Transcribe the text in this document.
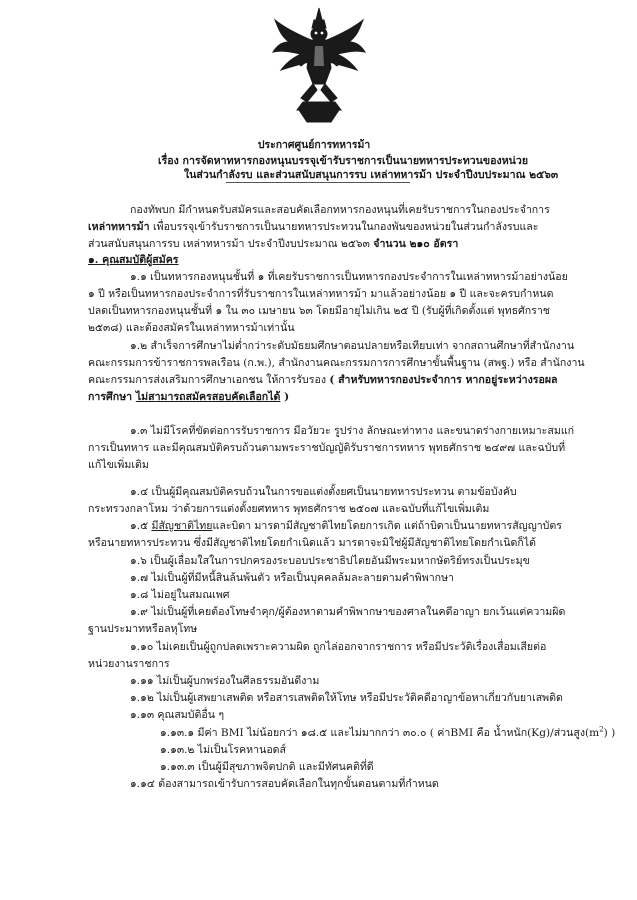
ประกาศศูนย์การทหารม้า
เรื่อง การจัดหาทหารกองหนุนบรรจุเข้ารับราชการเป็นนายทหารประทวนของหน่วย
ในส่วนกำลังรบ และส่วนสนับสนุนการรบ เหล่าทหารม้า ประจำปีงบประมาณ ๒๕๖๓
กองทัพบก มีกำหนดรับสมัครและสอบคัดเลือกทหารกองหนุนที่เคยรับราชการในกองประจำการ
เหล่าทหารม้า เพื่อบรรจุเข้ารับราชการเป็นนายทหารประทวนในกองพันของหน่วยในส่วนกำลังรบและ
ส่วนสนับสนุนการรบ เหล่าทหารม้า ประจำปีงบประมาณ ๒๕๖๓ จำนวน ๒๑๐ อัตรา
๑. คุณสมบัติผู้สมัคร
๑.๑ เป็นทหารกองหนุนชั้นที่ ๑ ที่เคยรับราชการเป็นทหารกองประจำการในเหล่าทหารม้าอย่างน้อย
๑ ปี หรือเป็นทหารกองประจำการที่รับราชการในเหล่าทหารม้า มาแล้วอย่างน้อย ๑ ปี และจะครบกำหนด
ปลดเป็นทหารกองหนุนชั้นที่ ๑ ใน ๓๐ เมษายน ๖๓ โดยมีอายุไม่เกิน ๒๕ ปี (รับผู้ที่เกิดตั้งแต่ พุทธศักราช
๒๕๓๘) และต้องสมัครในเหล่าทหารม้าเท่านั้น
๑.๒ สำเร็จการศึกษาไม่ต่ำกว่าระดับมัธยมศึกษาตอนปลายหรือเทียบเท่า จากสถานศึกษาที่สำนักงาน
คณะกรรมการข้าราชการพลเรือน (ก.พ.), สำนักงานคณะกรรมการการศึกษาขั้นพื้นฐาน (สพฐ.) หรือ สำนักงาน
คณะกรรมการส่งเสริมการศึกษาเอกชน ให้การรับรอง ( สำหรับทหารกองประจำการ หากอยู่ระหว่างรอผล
การศึกษา ไม่สามารถสมัครสอบคัดเลือกได้ )
๑.๓ ไม่มีโรคที่ขัดต่อการรับราชการ มีอวัยวะ รูปร่าง ลักษณะท่าทาง และขนาดร่างกายเหมาะสมแก่
การเป็นทหาร และมีคุณสมบัติครบถ้วนตามพระราชบัญญัติรับราชการทหาร พุทธศักราช ๒๔๙๗ และฉบับที่
แก้ไขเพิ่มเติม
๑.๔ เป็นผู้มีคุณสมบัติครบถ้วนในการขอแต่งตั้งยศเป็นนายทหารประทวน ตามข้อบังคับ
กระทรวงกลาโหม ว่าด้วยการแต่งตั้งยศทหาร พุทธศักราช ๒๕๐๗ และฉบับที่แก้ไขเพิ่มเติม
๑.๕ มีสัญชาติไทยและบิดา มารดามีสัญชาติไทยโดยการเกิด แต่ถ้าบิดาเป็นนายทหารสัญญาบัตร
หรือนายทหารประทวน ซึ่งมีสัญชาติไทยโดยกำเนิดแล้ว มารดาจะมิใช่ผู้มีสัญชาติไทยโดยกำเนิดก็ได้
๑.๖ เป็นผู้เลื่อมใสในการปกครองระบอบประชาธิปไตยอันมีพระมหากษัตริย์ทรงเป็นประมุข
๑.๗ ไม่เป็นผู้ที่มีหนี้สินล้นพ้นตัว หรือเป็นบุคคลล้มละลายตามคำพิพากษา
๑.๘ ไม่อยู่ในสมณเพศ
๑.๙ ไม่เป็นผู้ที่เคยต้องโทษจำคุก/ผู้ต้องหาตามคำพิพากษาของศาลในคดีอาญา ยกเว้นแต่ความผิด
ฐานประมาทหรือลหุโทษ
๑.๑๐ ไม่เคยเป็นผู้ถูกปลดเพราะความผิด ถูกไล่ออกจากราชการ หรือมีประวัติเรื่องเสื่อมเสียต่อ
หน่วยงานราชการ
๑.๑๑ ไม่เป็นผู้บกพร่องในศีลธรรมอันดีงาม
๑.๑๒ ไม่เป็นผู้เสพยาเสพติด หรือสารเสพติดให้โทษ หรือมีประวัติคดีอาญาข้อหาเกี่ยวกับยาเสพติด
๑.๑๓ คุณสมบัติอื่น ๆ
๑.๑๓.๑ มีค่า BMI ไม่น้อยกว่า ๑๘.๕ และไม่มากกว่า ๓๐.๐ ( ค่าBMI คือ น้ำหนัก(Kg)/ส่วนสูง$(m^2)$ )
๑.๑๓.๒ ไม่เป็นโรคหานอดส์
๑.๑๓.๓ เป็นผู้มีสุขภาพจิตปกติ และมีทัศนคติที่ดี
๑.๑๔ ต้องสามารถเข้ารับการสอบคัดเลือกในทุกขั้นตอนตามที่กำหนด
